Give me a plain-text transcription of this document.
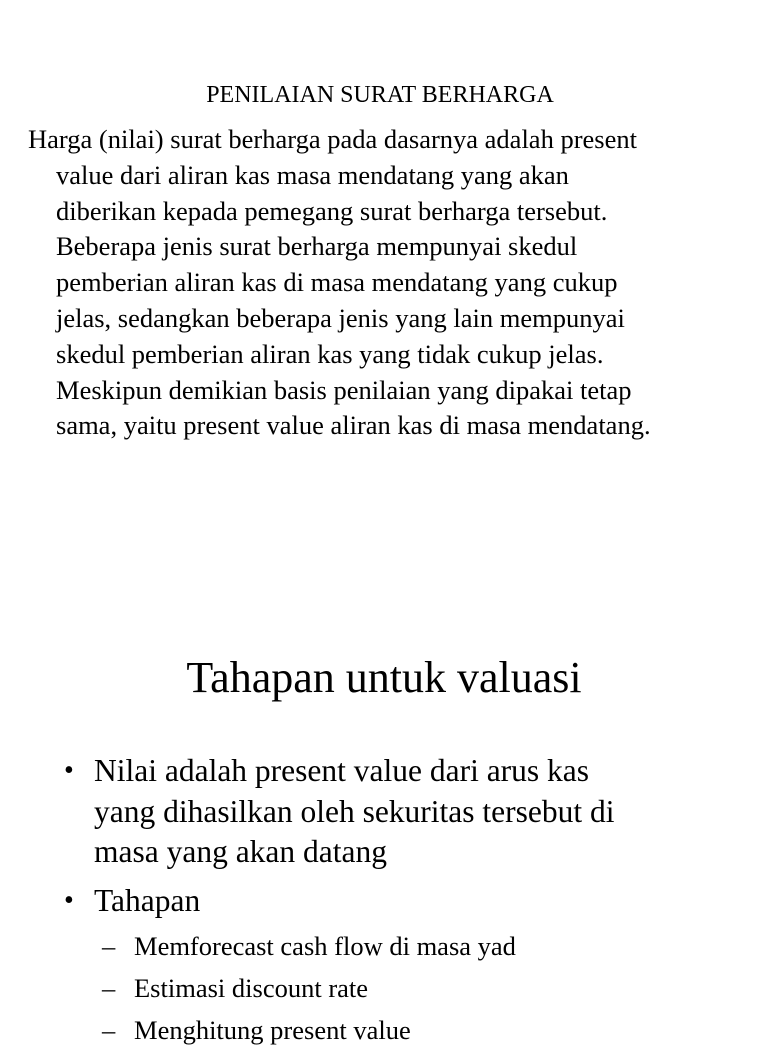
PENILAIAN SURAT BERHARGA
Harga (nilai) surat berharga pada dasarnya adalah present
value dari aliran kas masa mendatang yang akan
diberikan kepada pemegang surat berharga tersebut.
Beberapa jenis surat berharga mempunyai skedul
pemberian aliran kas di masa mendatang yang cukup
jelas, sedangkan beberapa jenis yang lain mempunyai
skedul pemberian aliran kas yang tidak cukup jelas.
Meskipun demikian basis penilaian yang dipakai tetap
sama, yaitu present value aliran kas di masa mendatang.
Tahapan untuk valuasi
• Nilai adalah present value dari arus kas
yang dihasilkan oleh sekuritas tersebut di
masa yang akan datang
• Tahapan
– Memforecast cash flow di masa yad
– Estimasi discount rate
– Menghitung present value
